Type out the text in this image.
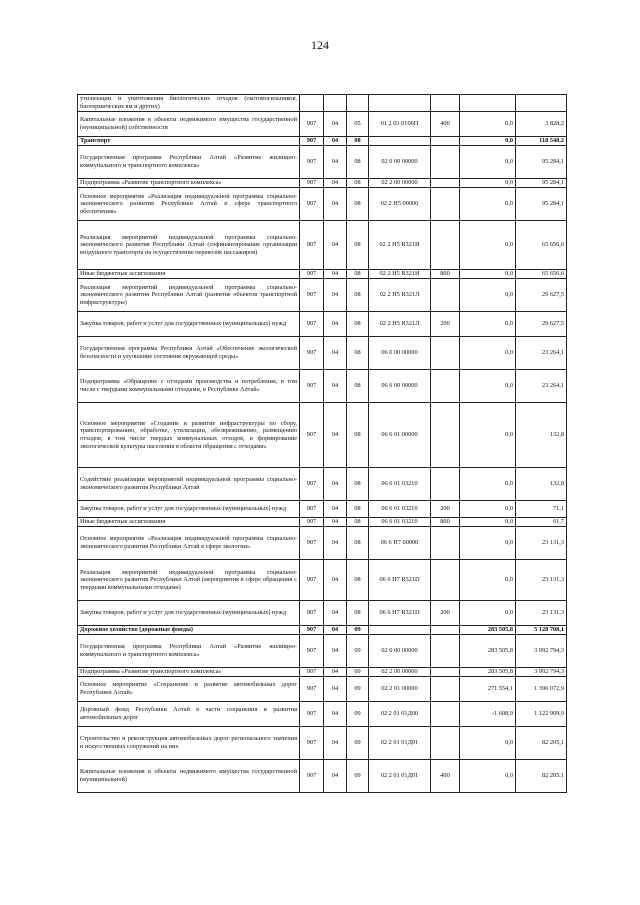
124
утилизации и уничтожения биологических отходов (скотомогильников, биотермических ям и других)							
Капитальные вложения в объекты недвижимого имущества государственной (муниципальной) собственности	907	04	05	01 2 03 0106П	400	0,0	3 828,2
Транспорт	907	04	08			0,0	118 548,2
Государственная программа Республики Алтай «Развитие жилищно-коммунального и транспортного комплекса»	907	04	08	02 0 00 00000		0,0	95 284,1
Подпрограмма «Развитие транспортного комплекса»	907	04	08	02 2 00 00000		0,0	95 284,1
Основное мероприятие «Реализация индивидуальной программы социально-экономического развития Республики Алтай в сфере транспортного обеспечения»	907	04	08	02 2 Н5 00000		0,0	95 284,1
Реализация мероприятий индивидуальной программы социально-экономического развития Республики Алтай (софинансирование организации воздушного транспорта на осуществление перевозок пассажиров)	907	04	08	02 2 Н5 R321И		0,0	65 656,6
Иные бюджетные ассигнования	907	04	08	02 2 Н5 R321И	800	0,0	65 656,6
Реализация мероприятий индивидуальной программы социально-экономического развития Республики Алтай (развитие объектов транспортной инфраструктуры)	907	04	08	02 2 Н5 R321Л		0,0	29 627,5
Закупка товаров, работ и услуг для государственных (муниципальных) нужд	907	04	08	02 2 Н5 R321Л	200	0,0	29 627,5
Государственная программа Республики Алтай «Обеспечение экологической безопасности и улучшение состояния окружающей среды»	907	04	08	06 0 00 00000		0,0	23 264,1
Подпрограмма «Обращение с отходами производства и потребления, в том числе с твердыми коммунальными отходами, в Республике Алтай»	907	04	08	06 6 00 00000		0,0	23 264,1
Основное мероприятие «Создание и развитие инфраструктуры по сбору, транспортированию, обработке, утилизации, обезвреживанию, размещению отходов, в том числе твердых коммунальных отходов, и формирование экологической культуры населения в области обращения с отходами»	907	04	08	06 6 01 00000		0,0	132,8
Содействие реализации мероприятий индивидуальной программы социально-экономического развития Республики Алтай	907	04	08	06 6 01 03210		0,0	132,8
Закупка товаров, работ и услуг для государственных (муниципальных) нужд	907	04	08	06 6 01 03210	200	0,0	71,1
Иные бюджетные ассигнования	907	04	08	06 6 01 03210	800	0,0	61,7
Основное мероприятие «Реализация индивидуальной программы социально-экономического развития Республики Алтай в сфере экологии»	907	04	08	06 6 Н7 00000		0,0	23 131,3
Реализация мероприятий индивидуальной программы социально-экономического развития Республики Алтай (мероприятия в сфере обращения с твердыми коммунальными отходами)	907	04	08	06 6 Н7 R321D		0,0	23 131,3
Закупка товаров, работ и услуг для государственных (муниципальных) нужд	907	04	08	06 6 Н7 R321D	200	0,0	23 131,3
Дорожное хозяйство (дорожные фонды)	907	04	09			283 505,8	5 128 708,1
Государственная программа Республики Алтай «Развитие жилищно-коммунального и транспортного комплекса»	907	04	09	02 0 00 00000		283 505,8	3 992 794,3
Подпрограмма «Развитие транспортного комплекса»	907	04	09	02 2 00 00000		283 505,8	3 992 794,3
Основное мероприятие «Сохранение и развитие автомобильных дорог Республики Алтай»	907	04	09	02 2 01 00000		271 554,1	1 396 072,9
Дорожный фонд Республики Алтай в части сохранения и развития автомобильных дорог	907	04	09	02 2 01 01Д00		-1 608,9	1 122 909,9
Строительство и реконструкция автомобильных дорог регионального значения и искусственных сооружений на них	907	04	09	02 2 01 01Д01		0,0	82 205,1
Капитальные вложения в объекты недвижимого имущества государственной (муниципальной)	907	04	09	02 2 01 01Д01	400	0,0	82 205,1
